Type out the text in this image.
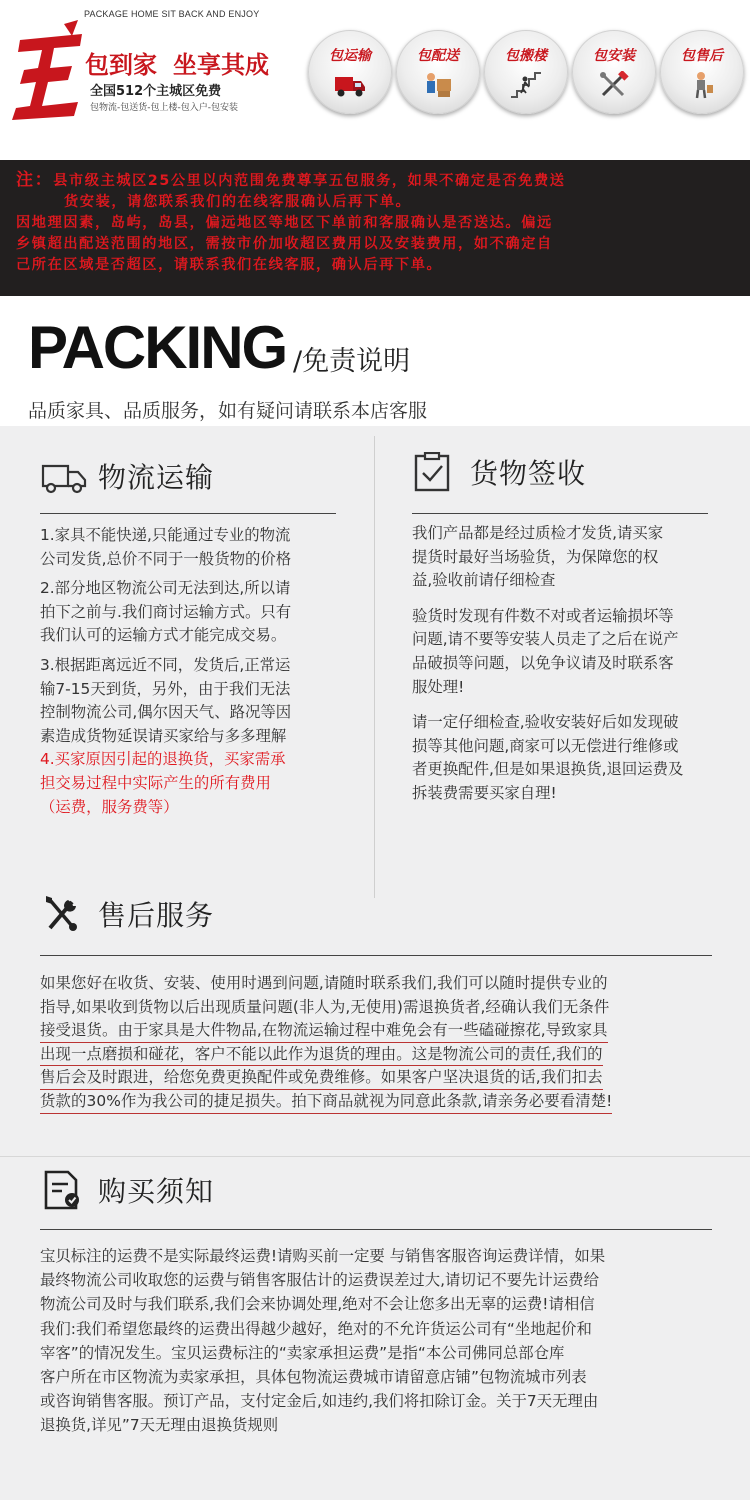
PACKAGE HOME SIT BACK AND ENJOY
包到家 坐享其成
全国512个主城区免费
包物流-包送货-包上楼-包入户-包安装
包运输	包配送	包搬楼	包安装	包售后

注：县市级主城区25公里以内范围免费尊享五包服务，如果不确定是否免费送

货安装，请您联系我们的在线客服确认后再下单。

因地理因素，岛屿，岛县，偏远地区等地区下单前和客服确认是否送达。偏远

乡镇超出配送范围的地区，需按市价加收超区费用以及安装费用，如不确定自

己所在区域是否超区，请联系我们在线客服，确认后再下单。

PACKING /免责说明
品质家具、品质服务，如有疑问请联系本店客服
物流运输
1.家具不能快递,只能通过专业的物流
公司发货,总价不同于一般货物的价格
2.部分地区物流公司无法到达,所以请
拍下之前与.我们商讨运输方式。只有
我们认可的运输方式才能完成交易。
3.根据距离远近不同，发货后,正常运
输7-15天到货，另外，由于我们无法
控制物流公司,偶尔因天气、路况等因
素造成货物延误请买家给与多多理解
4.买家原因引起的退换货，买家需承
担交易过程中实际产生的所有费用
（运费，服务费等）
货物签收
我们产品都是经过质检才发货,请买家
提货时最好当场验货，为保障您的权
益,验收前请仔细检查
验货时发现有件数不对或者运输损坏等
问题,请不要等安装人员走了之后在说产
品破损等问题，以免争议请及时联系客
服处理!
请一定仔细检查,验收安装好后如发现破
损等其他问题,商家可以无偿进行维修或
者更换配件,但是如果退换货,退回运费及
拆装费需要买家自理!
售后服务
如果您好在收货、安装、使用时遇到问题,请随时联系我们,我们可以随时提供专业的
指导,如果收到货物以后出现质量问题(非人为,无使用)需退换货者,经确认我们无条件
接受退货。由于家具是大件物品,在物流运输过程中难免会有一些磕碰擦花,导致家具
出现一点磨损和碰花，客户不能以此作为退货的理由。这是物流公司的责任,我们的
售后会及时跟进，给您免费更换配件或免费维修。如果客户坚决退货的话,我们扣去
货款的30%作为我公司的捷足损失。拍下商品就视为同意此条款,请亲务必要看清楚!
购买须知
宝贝标注的运费不是实际最终运费!请购买前一定要 与销售客服咨询运费详情，如果
最终物流公司收取您的运费与销售客服估计的运费误差过大,请切记不要先计运费给
物流公司及时与我们联系,我们会来协调处理,绝对不会让您多出无辜的运费!请相信
我们:我们希望您最终的运费出得越少越好，绝对的不允许货运公司有“坐地起价和
宰客”的情况发生。宝贝运费标注的“卖家承担运费”是指“本公司佛同总部仓库
客户所在市区物流为卖家承担，具体包物流运费城市请留意店铺”包物流城市列表
或咨询销售客服。预订产品，支付定金后,如违约,我们将扣除订金。关于7天无理由
退换货,详见”7天无理由退换货规则
